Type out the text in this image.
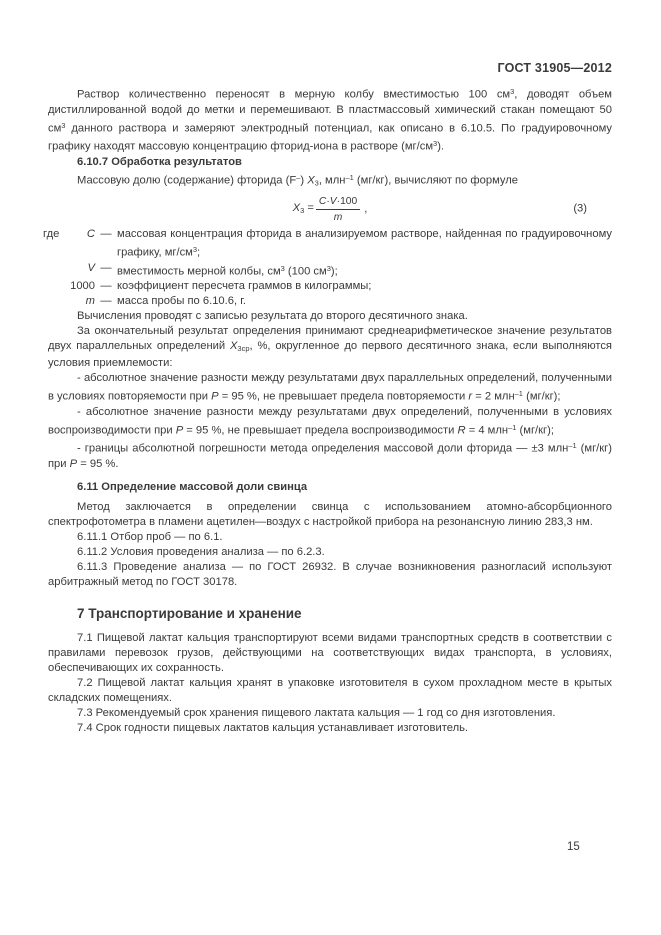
ГОСТ 31905—2012

Раствор количественно переносят в мерную колбу вместимостью 100 $см^3$, доводят объем дистиллированной водой до метки и перемешивают. В пластмассовый химический стакан помещают 50 $см^3$ данного раствора и замеряют электродный потенциал, как описано в 6.10.5. По градуировочному графику находят массовую концентрацию фторид-иона в растворе $(мг/см^3)$.

6.10.7 Обработка результатов

Массовую долю (содержание) фторида (F–) $X_3$, млн$^{-1}$ (мг/кг), вычисляют по формуле

$X_3 = \frac{C\cdot V\cdot 100}{m}$ ,	(3)
где	C — массовая концентрация фторида в анализируемом растворе, найденная по градуировочному графику, $мг/см^3$;
V — вместимость мерной колбы, $см^3$ (100 $см^3$);
1000 — коэффициент пересчета граммов в килограммы;
m — масса пробы по 6.10.6, г.

Вычисления проводят с записью результата до второго десятичного знака.

За окончательный результат определения принимают среднеарифметическое значение результатов двух параллельных определений $X_{3ср}$, %, округленное до первого десятичного знака, если выполняются условия приемлемости:

- абсолютное значение разности между результатами двух параллельных определений, полученными в условиях повторяемости при P = 95 %, не превышает предела повторяемости r = 2 млн$^{-1}$ (мг/кг);

- абсолютное значение разности между результатами двух определений, полученными в условиях воспроизводимости при P = 95 %, не превышает предела воспроизводимости R = 4 млн$^{-1}$ (мг/кг);

- границы абсолютной погрешности метода определения массовой доли фторида — ±3 млн$^{-1}$ (мг/кг) при P = 95 %.

6.11 Определение массовой доли свинца

Метод заключается в определении свинца с использованием атомно-абсорбционного спектрофотометра в пламени ацетилен—воздух с настройкой прибора на резонансную линию 283,3 нм.

6.11.1 Отбор проб — по 6.1.

6.11.2 Условия проведения анализа — по 6.2.3.

6.11.3 Проведение анализа — по ГОСТ 26932. В случае возникновения разногласий используют арбитражный метод по ГОСТ 30178.

7 Транспортирование и хранение

7.1 Пищевой лактат кальция транспортируют всеми видами транспортных средств в соответствии с правилами перевозок грузов, действующими на соответствующих видах транспорта, в условиях, обеспечивающих их сохранность.

7.2 Пищевой лактат кальция хранят в упаковке изготовителя в сухом прохладном месте в крытых складских помещениях.

7.3 Рекомендуемый срок хранения пищевого лактата кальция — 1 год со дня изготовления.

7.4 Срок годности пищевых лактатов кальция устанавливает изготовитель.

15
